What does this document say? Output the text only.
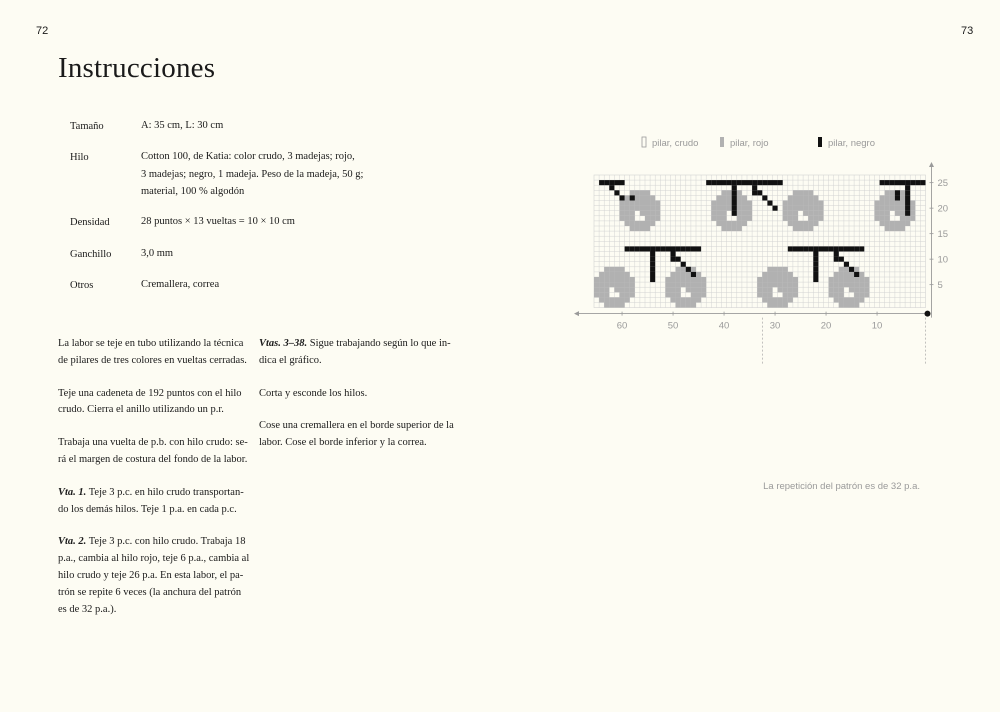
72	73
Instrucciones
Tamaño	A: 35 cm, L: 30 cm
Hilo	Cotton 100, de Katia: color crudo, 3 madejas; rojo,
3 madejas; negro, 1 madeja. Peso de la madeja, 50 g;
material, 100 % algodón
Densidad	28 puntos × 13 vueltas = 10 × 10 cm
Ganchillo	3,0 mm
Otros	Cremallera, correa

La labor se teje en tubo utilizando la técnica
de pilares de tres colores en vueltas cerradas.

Teje una cadeneta de 192 puntos con el hilo
crudo. Cierra el anillo utilizando un p.r.

Trabaja una vuelta de p.b. con hilo crudo: se-
rá el margen de costura del fondo de la labor.

Vta. 1. Teje 3 p.c. en hilo crudo transportan-
do los demás hilos. Teje 1 p.a. en cada p.c.

Vta. 2. Teje 3 p.c. con hilo crudo. Trabaja 18
p.a., cambia al hilo rojo, teje 6 p.a., cambia al
hilo crudo y teje 26 p.a. En esta labor, el pa-
trón se repite 6 veces (la anchura del patrón
es de 32 p.a.).

Vtas. 3–38. Sigue trabajando según lo que in-
dica el gráfico.

Corta y esconde los hilos.

Cose una cremallera en el borde superior de la
labor. Cose el borde inferior y la correa.

pilar, crudo	pilar, rojo	pilar, negro
60	50	40	30	20	10
25
20
15
10
5
La repetición del patrón es de 32 p.a.
